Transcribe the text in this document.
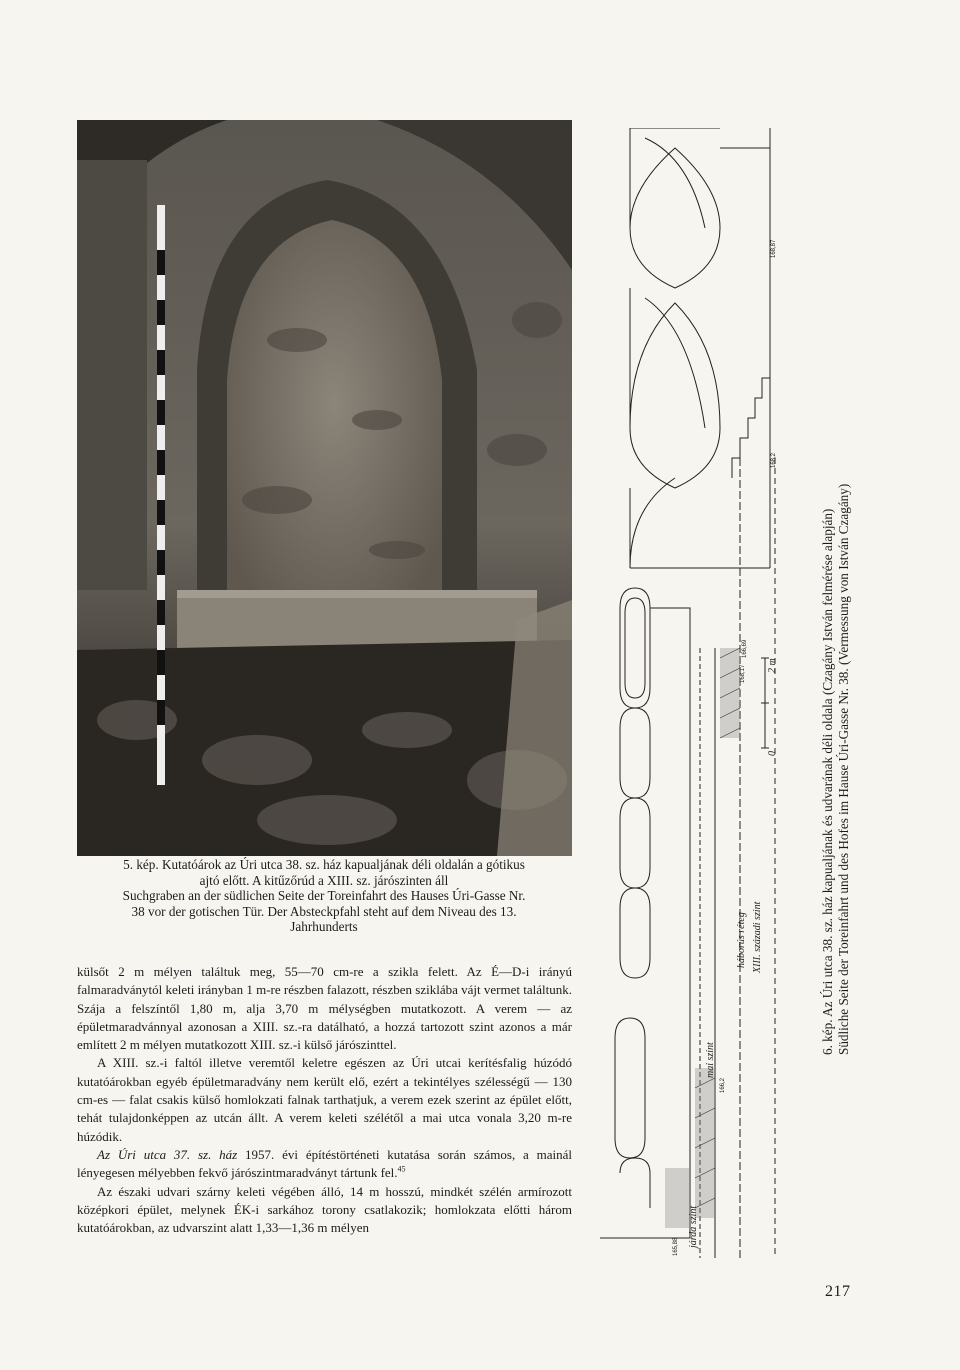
5. kép. Kutatóárok az Úri utca 38. sz. ház kapualjának déli oldalán a gótikus
ajtó előtt. A kitűzőrúd a XIII. sz. járószinten áll
Suchgraben an der südlichen Seite der Toreinfahrt des Hauses Úri-Gasse Nr.
38 vor der gotischen Tür. Der Absteckpfahl steht auf dem Niveau des 13.
Jahrhunderts

külsőt 2 m mélyen találtuk meg, 55—70 cm-re a szikla felett. Az É—D-i irányú falmaradványtól keleti irányban 1 m-re részben falazott, részben sziklába vájt vermet találtunk. Szája a felszíntől 1,80 m, alja 3,70 m mélységben mutatkozott. A verem — az épületmaradvánnyal azonosan a XIII. sz.-ra datálható, a hozzá tartozott szint azonos a már említett 2 m mélyen mutatkozott XIII. sz.-i külső járószinttel.

A XIII. sz.-i faltól illetve veremtől keletre egészen az Úri utcai kerítésfalig húzódó kutatóárokban egyéb épületmaradvány nem került elő, ezért a tekintélyes szélességű — 130 cm-es — falat csakis külső homlokzati falnak tarthatjuk, a verem ezek szerint az épület előtt, tehát tulajdonképpen az utcán állt. A verem keleti szélétől a mai utca vonala 3,20 m-re húzódik.

Az Úri utca 37. sz. ház 1957. évi építéstörténeti kutatása során számos, a mainál lényegesen mélyebben fekvő járószintmaradványt tártunk fel.$^{45}$

Az északi udvari szárny keleti végében álló, 14 m hosszú, mindkét szélén armírozott középkori épület, melynek ÉK-i sarkához torony csatlakozik; homlokzata előtti három kutatóárokban, az udvarszint alatt 1,33—1,36 m mélyen

mai szint
háborús réteg XIII. századi szint
járda szint
0
2 m
168,87
168,2
168,17
166,69
166,2
165,88
6. kép. Az Úri utca 38. sz. ház kapualjának és udvarának déli oldala (Czagány István felmérése alapján) Südliche Seite der Toreinfahrt und des Hofes im Hause Úri-Gasse Nr. 38. (Vermessung von István Czagány)
217
